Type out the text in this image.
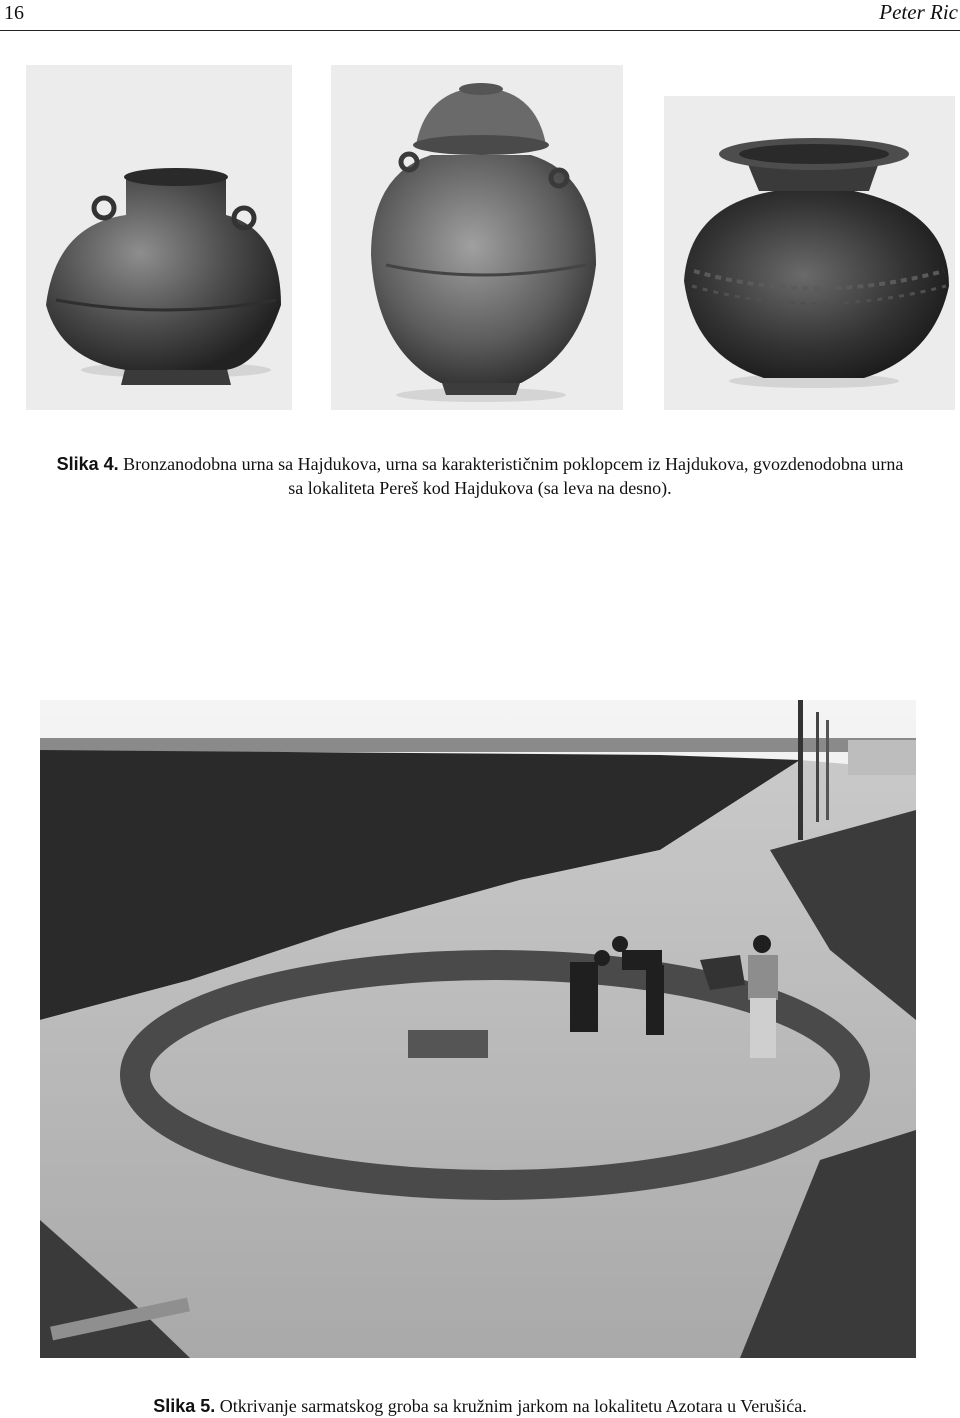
16	Peter Ric
Slika 4. Bronzanodobna urna sa Hajdukova, urna sa karakterističnim poklopcem iz Hajdukova, gvozdenodobna urna
sa lokaliteta Pereš kod Hajdukova (sa leva na desno).
Slika 5. Otkrivanje sarmatskog groba sa kružnim jarkom na lokalitetu Azotara u Verušića.
